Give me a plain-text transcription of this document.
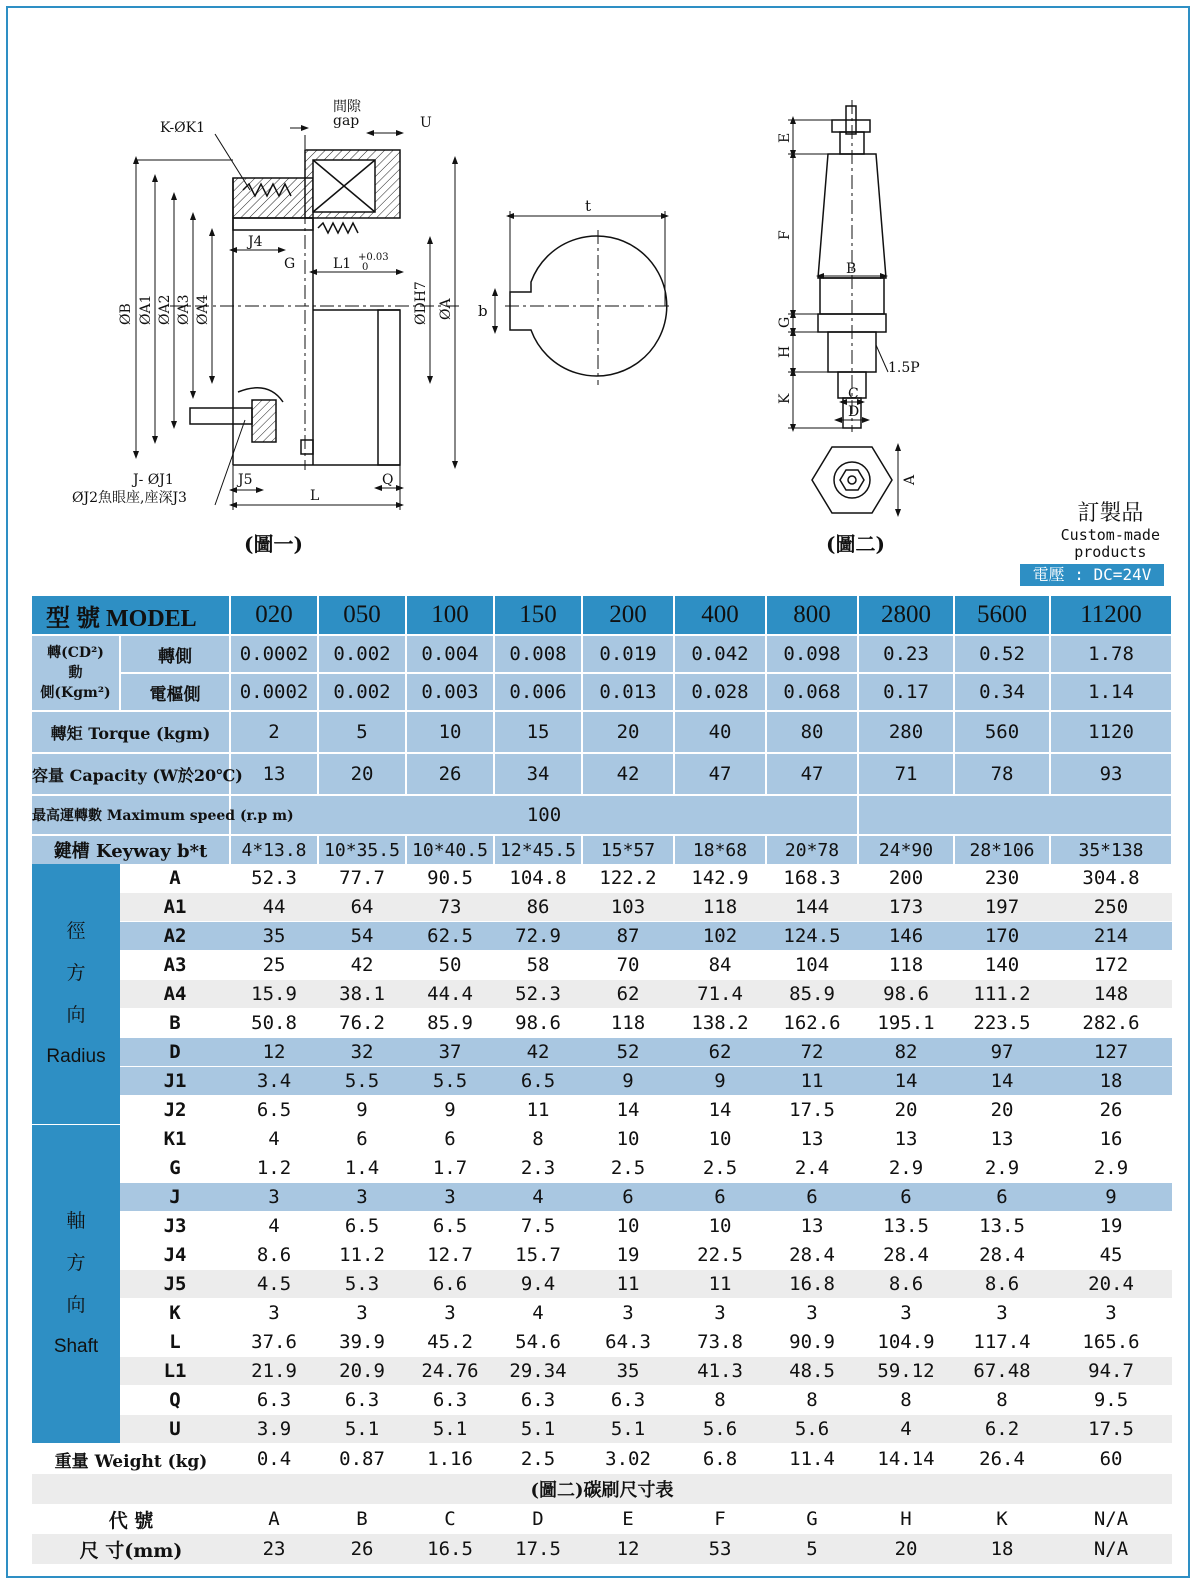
K-ØK1
間隙
gap	U
J4
G	L1 +0.03
0
ØB ØA1 ØA2 ØA3 ØA4	ØDH7 ØA
J- ØJ1
ØJ2魚眼座,座深J3
J5
L
Q
t
b
E
F
B
G
H
K	C
D
1.5P
A
(圖一)	(圖二)
訂製品
Custom-made
products
電壓 : DC=24V
型 號 MODEL		020	050	100	150	200	400	800	2800	5600	11200

轉(CD²)
動
側(Kgm²)	轉側	0.0002	0.002	0.004	0.008	0.019	0.042	0.098	0.23	0.52	1.78
	電樞側	0.0002	0.002	0.003	0.006	0.013	0.028	0.068	0.17	0.34	1.14
轉矩 Torque (kgm)		2	5	10	15	20	40	80	280	560	1120
容量 Capacity (W於20℃)		13	20	26	34	42	47	47	71	78	93
最高運轉數 Maximum speed (r.p m)		100									
鍵槽 Keyway b*t		4*13.8	10*35.5	10*40.5	12*45.5	15*57	18*68	20*78	24*90	28*106	35*138

徑
方
向
Radius	A	52.3	77.7	90.5	104.8	122.2	142.9	168.3	200	230	304.8
	A1	44	64	73	86	103	118	144	173	197	250
	A2	35	54	62.5	72.9	87	102	124.5	146	170	214
	A3	25	42	50	58	70	84	104	118	140	172
	A4	15.9	38.1	44.4	52.3	62	71.4	85.9	98.6	111.2	148
	B	50.8	76.2	85.9	98.6	118	138.2	162.6	195.1	223.5	282.6
	D	12	32	37	42	52	62	72	82	97	127
	J1	3.4	5.5	5.5	6.5	9	9	11	14	14	18
	J2	6.5	9	9	11	14	14	17.5	20	20	26

軸
方
向
Shaft	K1	4	6	6	8	10	10	13	13	13	16
	G	1.2	1.4	1.7	2.3	2.5	2.5	2.4	2.9	2.9	2.9
	J	3	3	3	4	6	6	6	6	6	9
	J3	4	6.5	6.5	7.5	10	10	13	13.5	13.5	19
	J4	8.6	11.2	12.7	15.7	19	22.5	28.4	28.4	28.4	45
	J5	4.5	5.3	6.6	9.4	11	11	16.8	8.6	8.6	20.4
	K	3	3	3	4	3	3	3	3	3	3
	L	37.6	39.9	45.2	54.6	64.3	73.8	90.9	104.9	117.4	165.6
	L1	21.9	20.9	24.76	29.34	35	41.3	48.5	59.12	67.48	94.7
	Q	6.3	6.3	6.3	6.3	6.3	8	8	8	8	9.5
	U	3.9	5.1	5.1	5.1	5.1	5.6	5.6	4	6.2	17.5
重量 Weight (kg)		0.4	0.87	1.16	2.5	3.02	6.8	11.4	14.14	26.4	60
(圖二)碳刷尺寸表											
代 號		A	B	C	D	E	F	G	H	K	N/A
尺 寸(mm)		23	26	16.5	17.5	12	53	5	20	18	N/A
